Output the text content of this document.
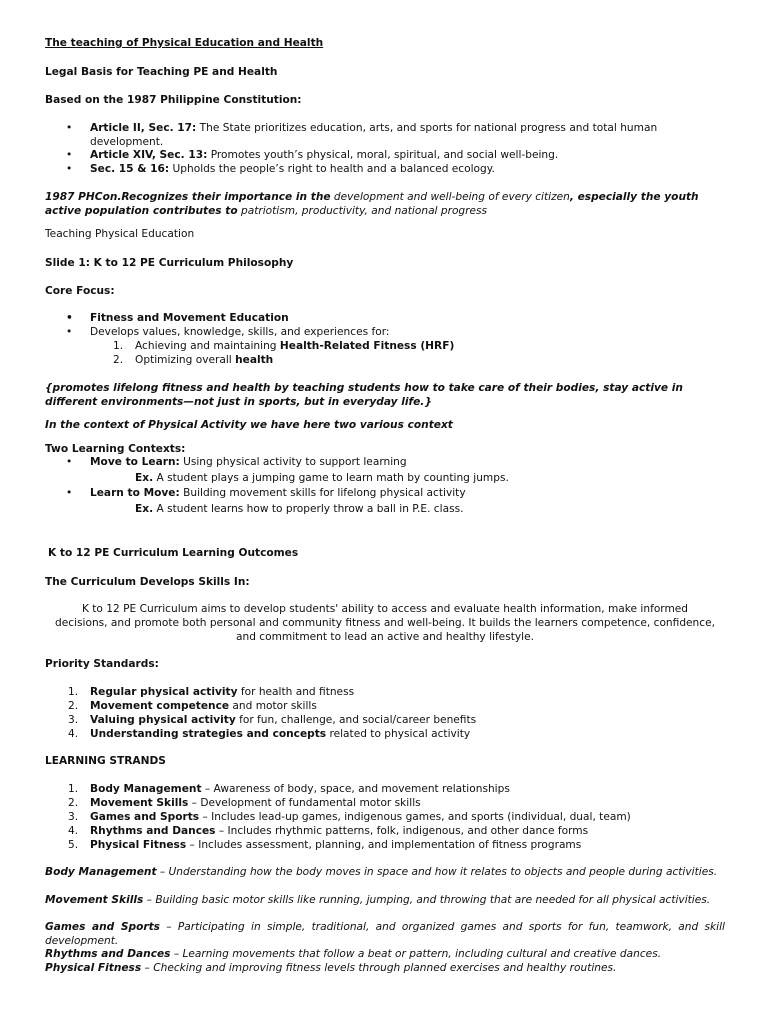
The teaching of Physical Education and Health
Legal Basis for Teaching PE and Health
Based on the 1987 Philippine Constitution:
• Article II, Sec. 17: The State prioritizes education, arts, and sports for national progress and total human development.
• Article XIV, Sec. 13: Promotes youth’s physical, moral, spiritual, and social well-being.
• Sec. 15 & 16: Upholds the people’s right to health and a balanced ecology.
1987 PHCon.Recognizes their importance in the development and well-being of every citizen, especially the youth active population contributes to patriotism, productivity, and national progress
Teaching Physical Education
Slide 1: K to 12 PE Curriculum Philosophy
Core Focus:
• Fitness and Movement Education
• Develops values, knowledge, skills, and experiences for:
1. Achieving and maintaining Health-Related Fitness (HRF)
2. Optimizing overall health
{promotes lifelong fitness and health by teaching students how to take care of their bodies, stay active in different environments—not just in sports, but in everyday life.}
In the context of Physical Activity we have here two various context
Two Learning Contexts:
• Move to Learn: Using physical activity to support learning
Ex. A student plays a jumping game to learn math by counting jumps.
• Learn to Move: Building movement skills for lifelong physical activity
Ex. A student learns how to properly throw a ball in P.E. class.
K to 12 PE Curriculum Learning Outcomes
The Curriculum Develops Skills In:
K to 12 PE Curriculum aims to develop students' ability to access and evaluate health information, make informed decisions, and promote both personal and community fitness and well-being. It builds the learners competence, confidence, and commitment to lead an active and healthy lifestyle.
Priority Standards:
1. Regular physical activity for health and fitness
2. Movement competence and motor skills
3. Valuing physical activity for fun, challenge, and social/career benefits
4. Understanding strategies and concepts related to physical activity
LEARNING STRANDS
1. Body Management – Awareness of body, space, and movement relationships
2. Movement Skills – Development of fundamental motor skills
3. Games and Sports – Includes lead-up games, indigenous games, and sports (individual, dual, team)
4. Rhythms and Dances – Includes rhythmic patterns, folk, indigenous, and other dance forms
5. Physical Fitness – Includes assessment, planning, and implementation of fitness programs
Body Management – Understanding how the body moves in space and how it relates to objects and people during activities.
Movement Skills – Building basic motor skills like running, jumping, and throwing that are needed for all physical activities.
Games and Sports – Participating in simple, traditional, and organized games and sports for fun, teamwork, and skill development.
Rhythms and Dances – Learning movements that follow a beat or pattern, including cultural and creative dances.
Physical Fitness – Checking and improving fitness levels through planned exercises and healthy routines.
